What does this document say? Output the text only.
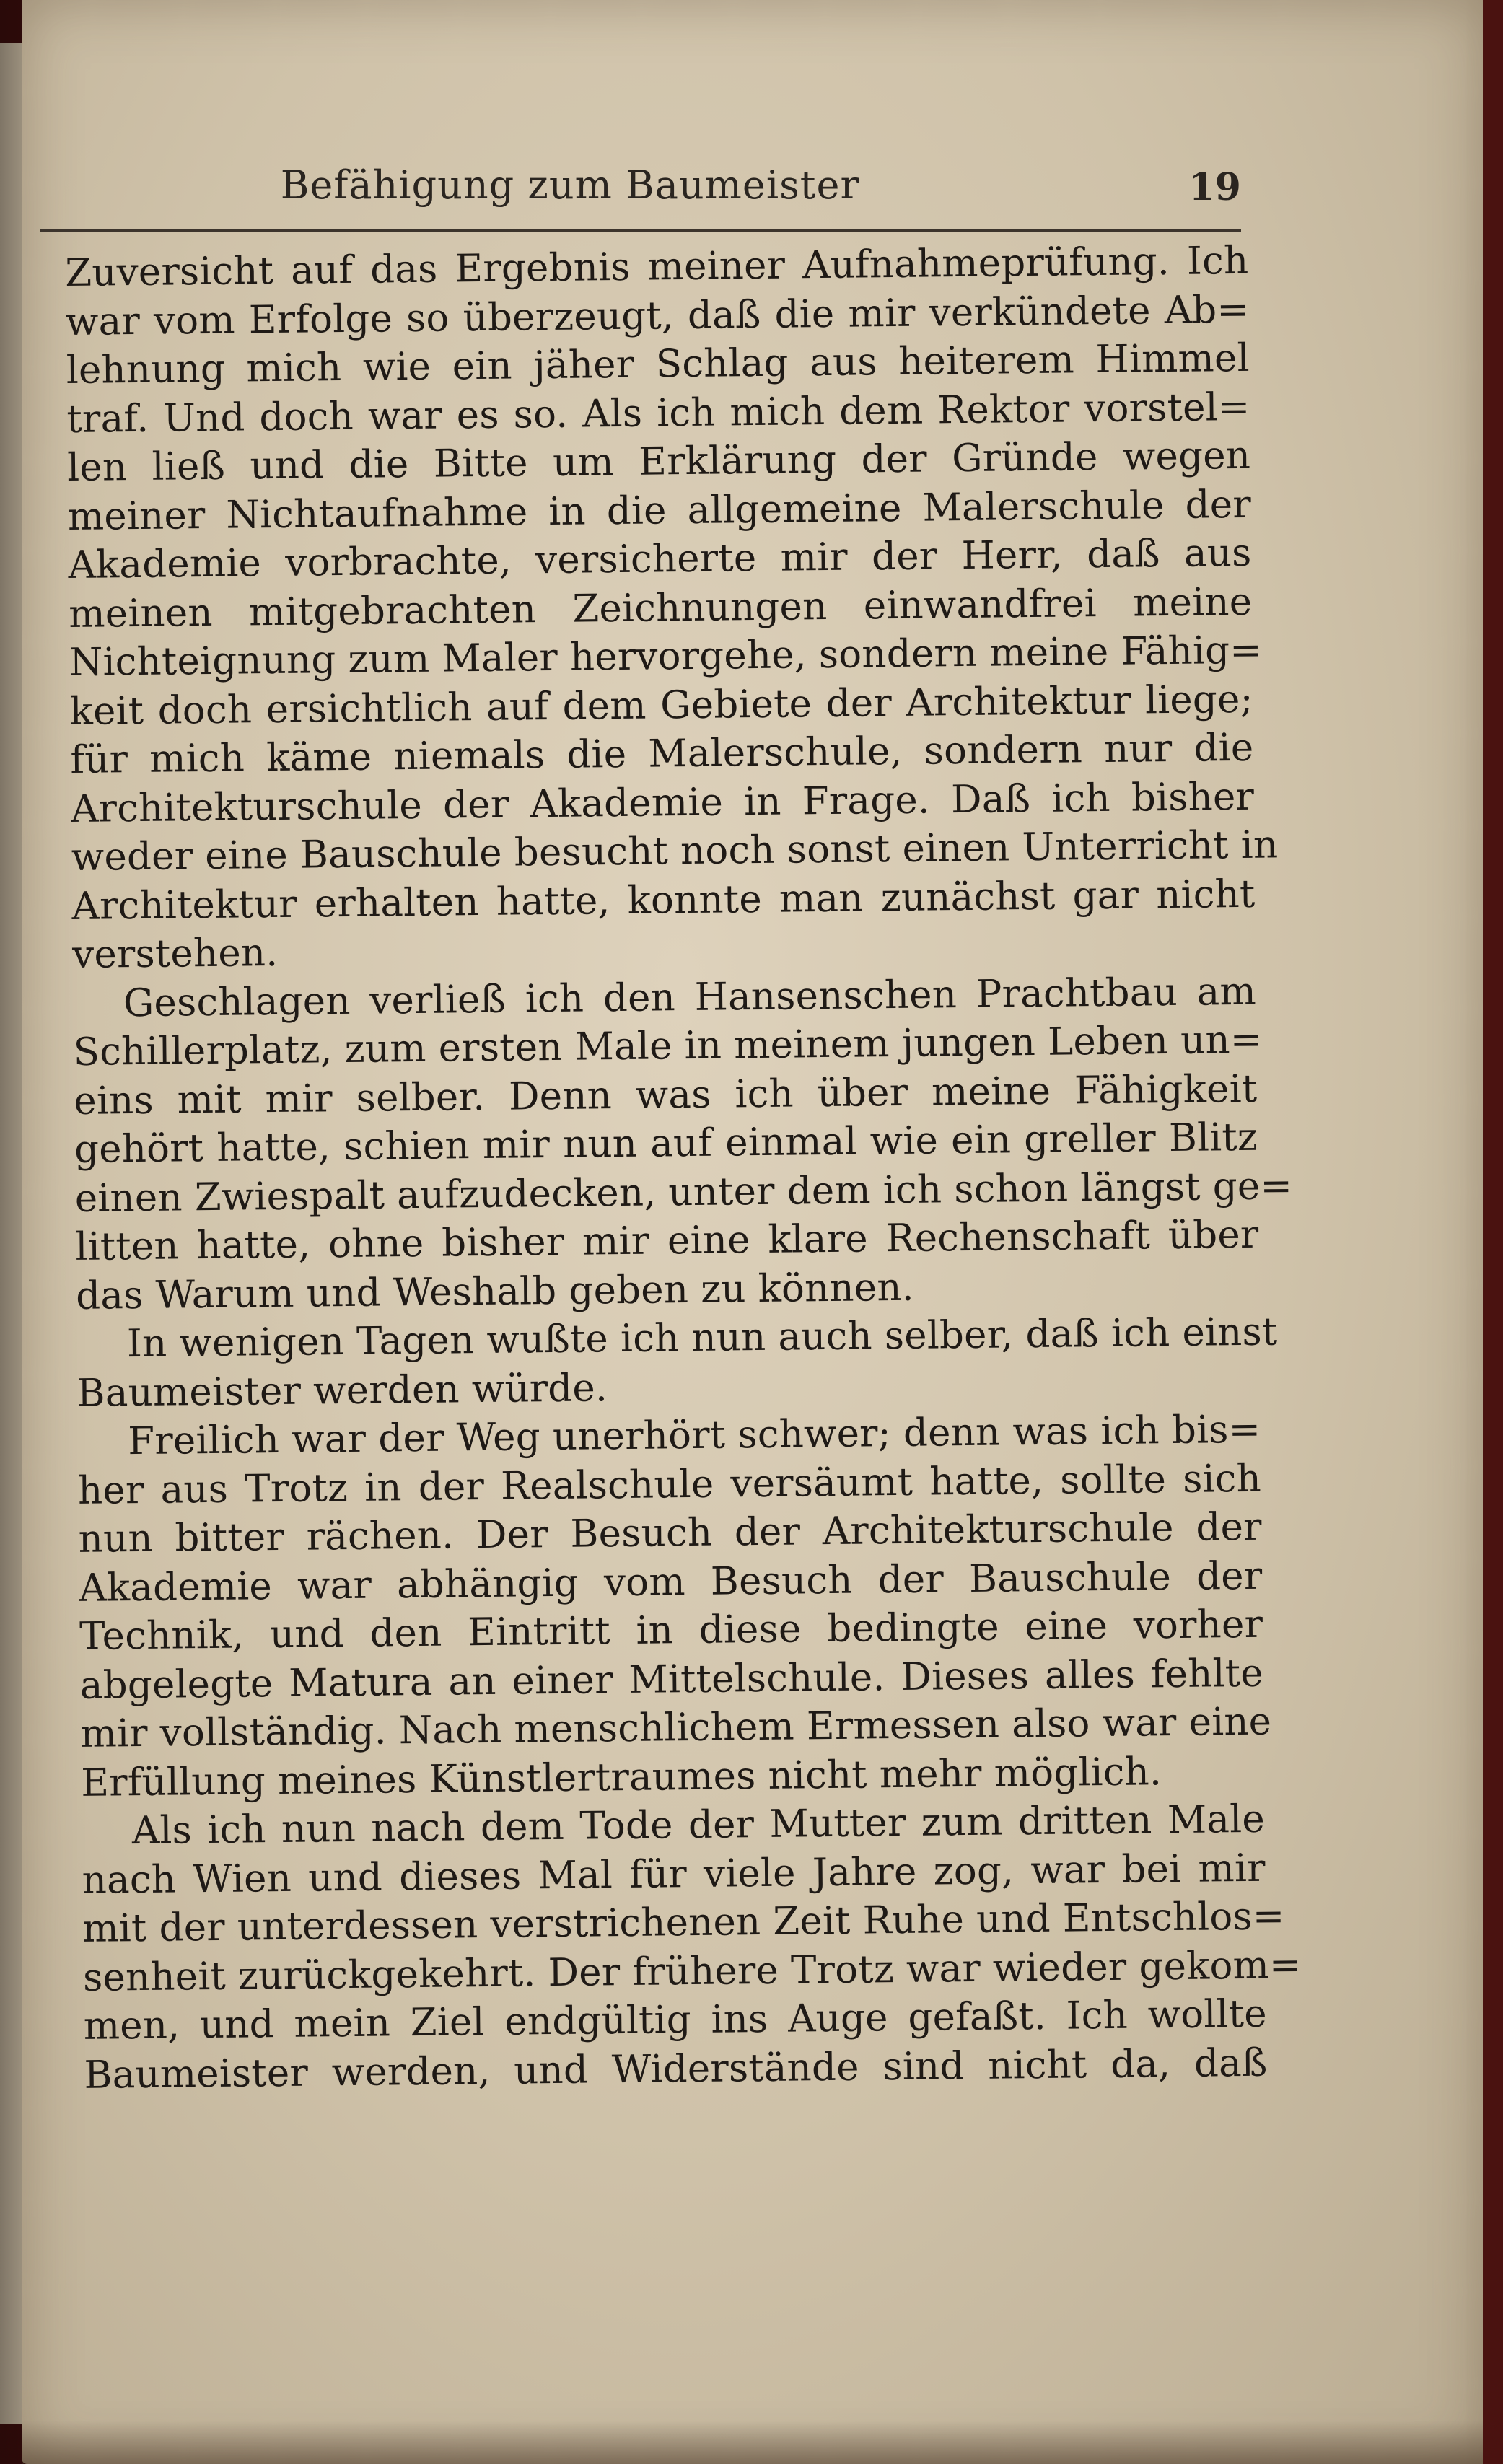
Befähigung zum Baumeister	19
Zuversicht auf das Ergebnis meiner Aufnahmeprüfung. Ich
war vom Erfolge so überzeugt, daß die mir verkündete Ab=
lehnung mich wie ein jäher Schlag aus heiterem Himmel
traf. Und doch war es so. Als ich mich dem Rektor vorstel=
len ließ und die Bitte um Erklärung der Gründe wegen
meiner Nichtaufnahme in die allgemeine Malerschule der
Akademie vorbrachte, versicherte mir der Herr, daß aus
meinen mitgebrachten Zeichnungen einwandfrei meine
Nichteignung zum Maler hervorgehe, sondern meine Fähig=
keit doch ersichtlich auf dem Gebiete der Architektur liege;
für mich käme niemals die Malerschule, sondern nur die
Architekturschule der Akademie in Frage. Daß ich bisher
weder eine Bauschule besucht noch sonst einen Unterricht in
Architektur erhalten hatte, konnte man zunächst gar nicht
verstehen.
Geschlagen verließ ich den Hansenschen Prachtbau am
Schillerplatz, zum ersten Male in meinem jungen Leben un=
eins mit mir selber. Denn was ich über meine Fähigkeit
gehört hatte, schien mir nun auf einmal wie ein greller Blitz
einen Zwiespalt aufzudecken, unter dem ich schon längst ge=
litten hatte, ohne bisher mir eine klare Rechenschaft über
das Warum und Weshalb geben zu können.
In wenigen Tagen wußte ich nun auch selber, daß ich einst
Baumeister werden würde.
Freilich war der Weg unerhört schwer; denn was ich bis=
her aus Trotz in der Realschule versäumt hatte, sollte sich
nun bitter rächen. Der Besuch der Architekturschule der
Akademie war abhängig vom Besuch der Bauschule der
Technik, und den Eintritt in diese bedingte eine vorher
abgelegte Matura an einer Mittelschule. Dieses alles fehlte
mir vollständig. Nach menschlichem Ermessen also war eine
Erfüllung meines Künstlertraumes nicht mehr möglich.
Als ich nun nach dem Tode der Mutter zum dritten Male
nach Wien und dieses Mal für viele Jahre zog, war bei mir
mit der unterdessen verstrichenen Zeit Ruhe und Entschlos=
senheit zurückgekehrt. Der frühere Trotz war wieder gekom=
men, und mein Ziel endgültig ins Auge gefaßt. Ich wollte
Baumeister werden, und Widerstände sind nicht da, daß
